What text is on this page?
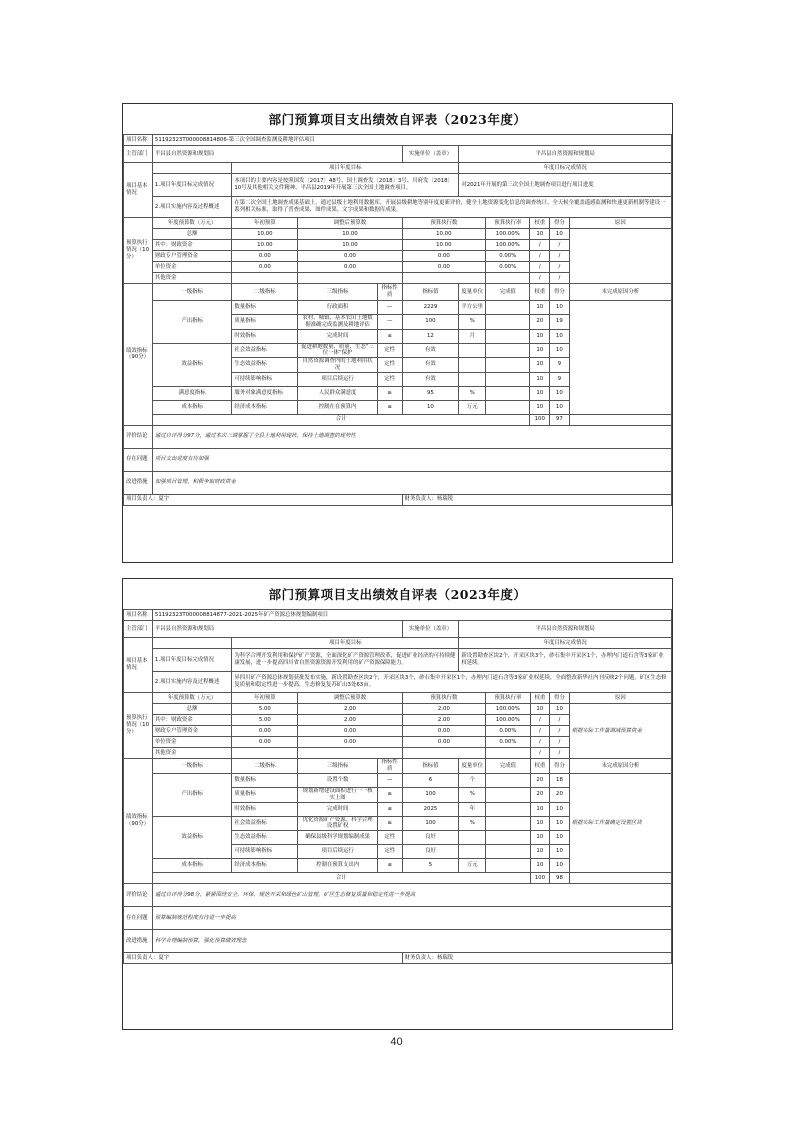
部门预算项目支出绩效自评表（2023年度）
项目名称	51192323T000008814806-第三次全国调查监测及耕地评估项目
主管部门	平昌县自然资源和规划局	实施单位（盖章）	平昌县自然资源和规划局
项目基本情况		项目年度目标	年度目标完成情况
1.项目年度目标完成情况	本项目的主要内容是按照国发〔2017〕48号、国土调查发〔2018〕3号、川府发〔2018〕10号及其他相关文件精神，平昌县2019年开展第三次全国土地调查项目。	对2021年开展的第三次全国土地调查项目进行项目进度
2.项目实施内容及过程概述	在第二次全国土地调查成果基础上，通过县级土地利用数据库，开展县级耕地等别年度更新评价，健全土地资源变化信息的调查统计、全天候全覆盖遥感监测和快速更新机制等建设一系列相关标准，取得了普查成果、图件成果、文字成果和数据库成果。
预算执行情况（10分）	年度预算数（万元）	年初预算	调整后预算数	预算执行数	预算执行率	权重	得分	原因
总额	10.00	10.00	10.00	100.00%	10	10	
其中：财政资金	10.00	10.00	10.00	100.00%	/	/
财政专户管理资金	0.00	0.00	0.00	0.00%	/	/
单位资金	0.00	0.00	0.00	0.00%	/	/
其他资金					/	/
绩效指标（90分）	一级指标	二级指标	三级指标	指标性质	指标值	度量单位	完成值	权重	得分	未完成原因分析
产出指标	数量指标	行政面积	—	2229	平方公里		10	10	
质量指标	农村、城镇、基本农田土地数据准确完成监测及耕地评估	—	100	%		20	19
时效指标	完成时间	≤	12	月		10	10
效益指标	社会效益指标	促进耕地数量、质量、生态“三位一体”保护	定性	有效			10	10
生态效益指标	自然资源调查内的土地利用状况	定性	有效			10	9
可持续影响指标	项目后续运行	定性	有效			10	9
满意度指标	服务对象满意度指标	人民群众满意度	≥	95	%		10	10
成本指标	经济成本指标	控制在在预算内	≤	10	万元		10	10
合计	100	97	
评价结论	通过自评得分97分，通过本次三调掌握了全县土地利用现状，保持土地调查的现势性
存在问题	项目支出进度有待加强
改进措施	加强项目管理，积极争取财政资金
项目负责人：夏宇	财务负责人：杨瑞锐
部门预算项目支出绩效自评表（2023年度）
项目名称	51192323T000008814877-2021-2025年矿产资源总体规划编制项目
主管部门	平昌县自然资源和规划局	实施单位（盖章）	平昌县自然资源和规划局
项目基本情况		项目年度目标	年度目标完成情况
1.项目年度目标完成情况	为科学合理开发利用和保护矿产资源，全面深化矿产资源管理改革，促进矿业经济的可持续健康发展，进一步提高四川省自然资源资源开发利用的矿产资源保障能力。	新设置勘查区块2个，开采区块3个，砂石集中开采区1个，办理内门道石含等3家矿业权延续。
2.项目实施内容及过程概述	昇四川矿产资源总体规划获批发布实施，新设置勘查区块2个，开采区块3个，砂石集中开采区1个，办理内门道石含等3家矿业权延续，全面整改新华社内刊反映2个问题，矿区生态修复质量和稳定性进一步提高，生态修复复苏矿山3处63亩。
预算执行情况（10分）	年度预算数（万元）	年初预算	调整后预算数	预算执行数	预算执行率	权重	得分	原因
总额	5.00	2.00	2.00	100.00%	10	10	根据实际工作量调减预算资金
其中：财政资金	5.00	2.00	2.00	100.00%	/	/
财政专户管理资金	0.00	0.00	0.00	0.00%	/	/
单位资金	0.00	0.00	0.00	0.00%	/	/
其他资金					/	/
绩效指标（90分）	一级指标	二级指标	三级指标	指标性质	指标值	度量单位	完成值	权重	得分	未完成原因分析
产出指标	数量指标	设置个数	—	6	个		20	18	根据实际工作量确定设置区块
质量指标	规划新增建设面积进行一一核实上图	≥	100	%		20	20
时效指标	完成时间	≤	2025	年		10	10
效益指标	社会效益指标	优化资源矿产资源、科学合理设置矿权	≥	100	%		10	10
生态效益指标	确保县级科学规划编制成果	定性	良好			10	10
可持续影响指标	项目后续运行	定性	良好			10	10
成本指标	经济成本指标	控制在预算支出内	≤	5	万元		10	10
合计	100	98	
评价结论	通过自评得分98分，紧紧围绕安全、环保、规范开采和绿色矿山管理，矿区生态修复质量和稳定性进一步提高
存在问题	预算编制规范程度有待进一步提高
改进措施	科学合理编制预算，强化预算绩效理念
项目负责人：夏宇	财务负责人：杨瑞锐
40
